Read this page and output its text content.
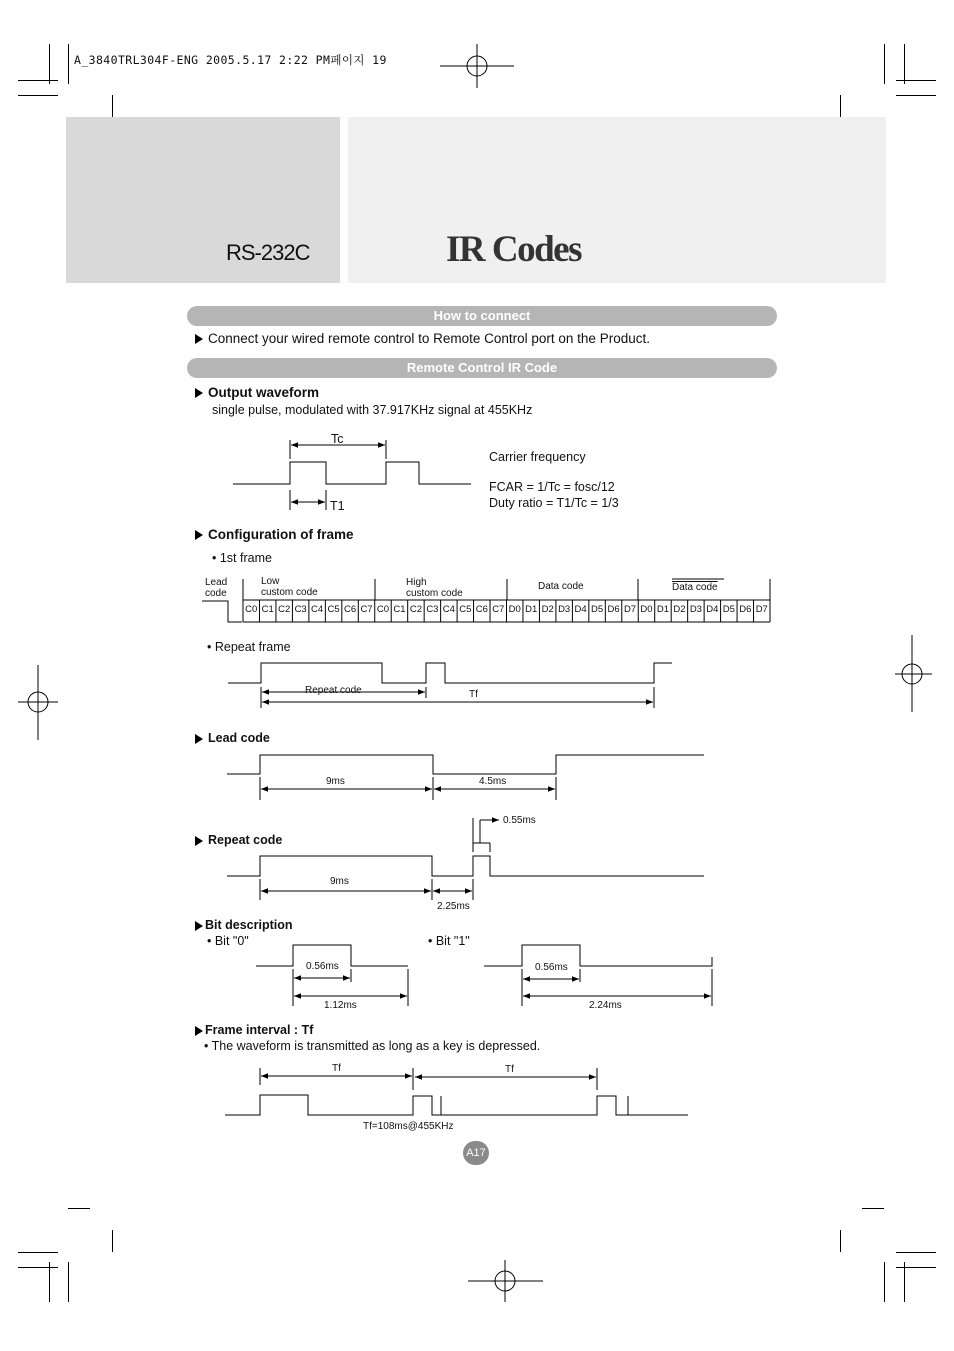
A_3840TRL304F-ENG 2005.5.17 2:22 PM페이지 19
RS-232C	IR Codes
How to connect
Connect your wired remote control to Remote Control port on the Product.
Remote Control IR Code
Output waveform
single pulse, modulated with 37.917KHz signal at 455KHz
Tc
T1
Carrier frequency
FCAR = 1/Tc = fosc/12
Duty ratio = T1/Tc = 1/3
Configuration of frame
• 1st frame
Lead
code
Low
custom code
High
custom code
Data code	Data code
C0 C1 C2 C3 C4 C5 C6 C7 C0 C1 C2 C3 C4 C5 C6 C7 D0 D1 D2 D3 D4 D5 D6 D7 D0 D1 D2 D3 D4 D5 D6 D7
• Repeat frame
Repeat code	Tf
Lead code
9ms	4.5ms
Repeat code
0.55ms
9ms
2.25ms
Bit description
• Bit "0"	• Bit "1"
0.56ms
1.12ms
0.56ms
2.24ms
Frame interval : Tf
• The waveform is transmitted as long as a key is depressed.
Tf	Tf
Tf=108ms@455KHz
A17
